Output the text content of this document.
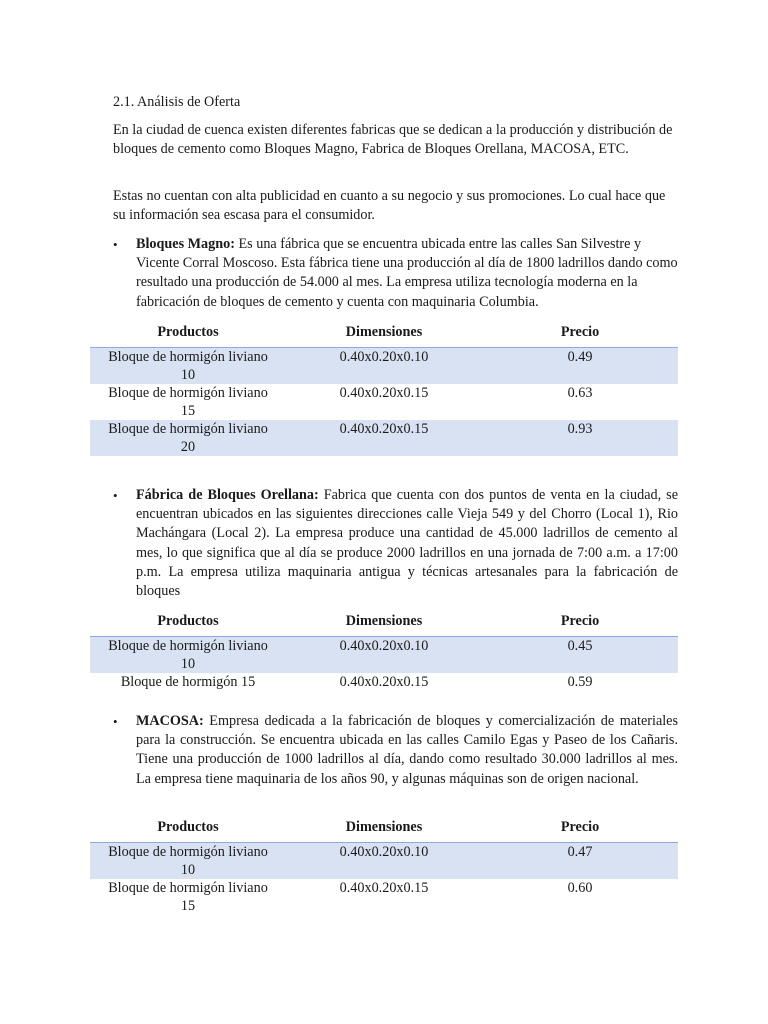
2.1. Análisis de Oferta
En la ciudad de cuenca existen diferentes fabricas que se dedican a la producción y distribución de bloques de cemento como Bloques Magno, Fabrica de Bloques Orellana, MACOSA, ETC.
Estas no cuentan con alta publicidad en cuanto a su negocio y sus promociones. Lo cual hace que su información sea escasa para el consumidor.
• Bloques Magno: Es una fábrica que se encuentra ubicada entre las calles San Silvestre y Vicente Corral Moscoso. Esta fábrica tiene una producción al día de 1800 ladrillos dando como resultado una producción de 54.000 al mes. La empresa utiliza tecnología moderna en la fabricación de bloques de cemento y cuenta con maquinaria Columbia.
Productos	Dimensiones	Precio

Bloque de hormigón liviano
10	0.40x0.20x0.10	0.49

Bloque de hormigón liviano
15	0.40x0.20x0.15	0.63

Bloque de hormigón liviano
20	0.40x0.20x0.15	0.93
• Fábrica de Bloques Orellana: Fabrica que cuenta con dos puntos de venta en la ciudad, se encuentran ubicados en las siguientes direcciones calle Vieja 549 y del Chorro (Local 1), Rio Machángara (Local 2). La empresa produce una cantidad de 45.000 ladrillos de cemento al mes, lo que significa que al día se produce 2000 ladrillos en una jornada de 7:00 a.m. a 17:00 p.m. La empresa utiliza maquinaria antigua y técnicas artesanales para la fabricación de bloques
Productos	Dimensiones	Precio

Bloque de hormigón liviano
10	0.40x0.20x0.10	0.45

Bloque de hormigón 15	0.40x0.20x0.15	0.59
• MACOSA: Empresa dedicada a la fabricación de bloques y comercialización de materiales para la construcción. Se encuentra ubicada en las calles Camilo Egas y Paseo de los Cañaris. Tiene una producción de 1000 ladrillos al día, dando como resultado 30.000 ladrillos al mes. La empresa tiene maquinaria de los años 90, y algunas máquinas son de origen nacional.
Productos	Dimensiones	Precio

Bloque de hormigón liviano
10	0.40x0.20x0.10	0.47

Bloque de hormigón liviano
15	0.40x0.20x0.15	0.60
